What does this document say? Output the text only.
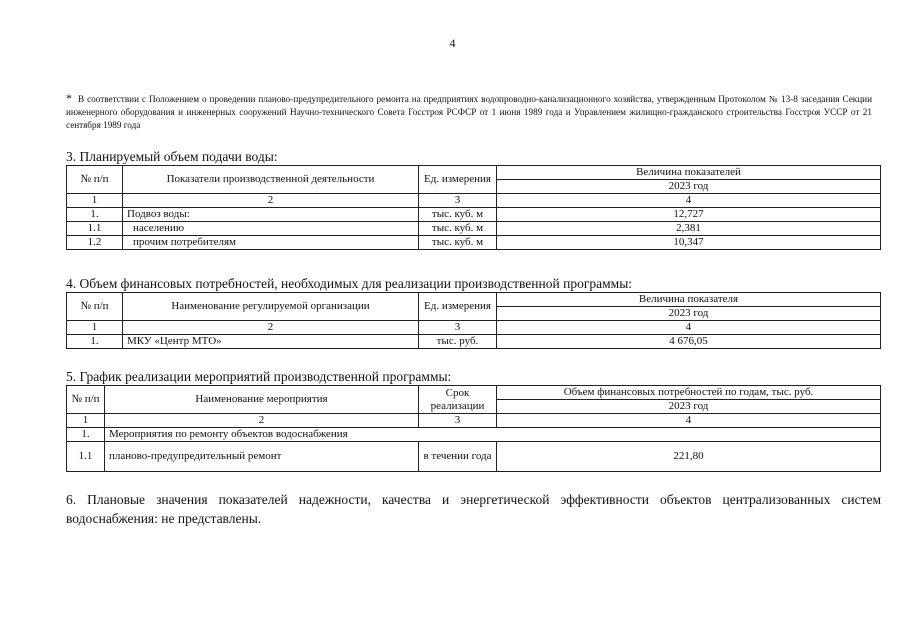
4
* В соответствии с Положением о проведении планово-предупредительного ремонта на предприятиях водопроводно-канализационного хозяйства, утвержденным Протоколом № 13-8 заседания Секции инженерного оборудования и инженерных сооружений Научно-технического Совета Госстроя РСФСР от 1 июня 1989 года и Управлением жилищно-гражданского строительства Госстроя УССР от 21 сентября 1989 года
3. Планируемый объем подачи воды:
№ п/п	Показатели производственной деятельности	Ед. измерения	Величина показателей
			2023 год
1	2	3	4
1.	Подвоз воды:	тыс. куб. м	12,727
1.1	населению	тыс. куб. м	2,381
1.2	прочим потребителям	тыс. куб. м	10,347
4. Объем финансовых потребностей, необходимых для реализации производственной программы:
№ п/п	Наименование регулируемой организации	Ед. измерения	Величина показателя
			2023 год
1	2	3	4
1.	МКУ «Центр МТО»	тыс. руб.	4 676,05
5. График реализации мероприятий производственной программы:
№ п/п	Наименование мероприятия	Срок реализации	Объем финансовых потребностей по годам, тыс. руб.
			2023 год
1	2	3	4
1.	Мероприятия по ремонту объектов водоснабжения		
1.1	планово-предупредительный ремонт	в течении года	221,80
6. Плановые значения показателей надежности, качества и энергетической эффективности объектов централизованных систем водоснабжения: не представлены.
